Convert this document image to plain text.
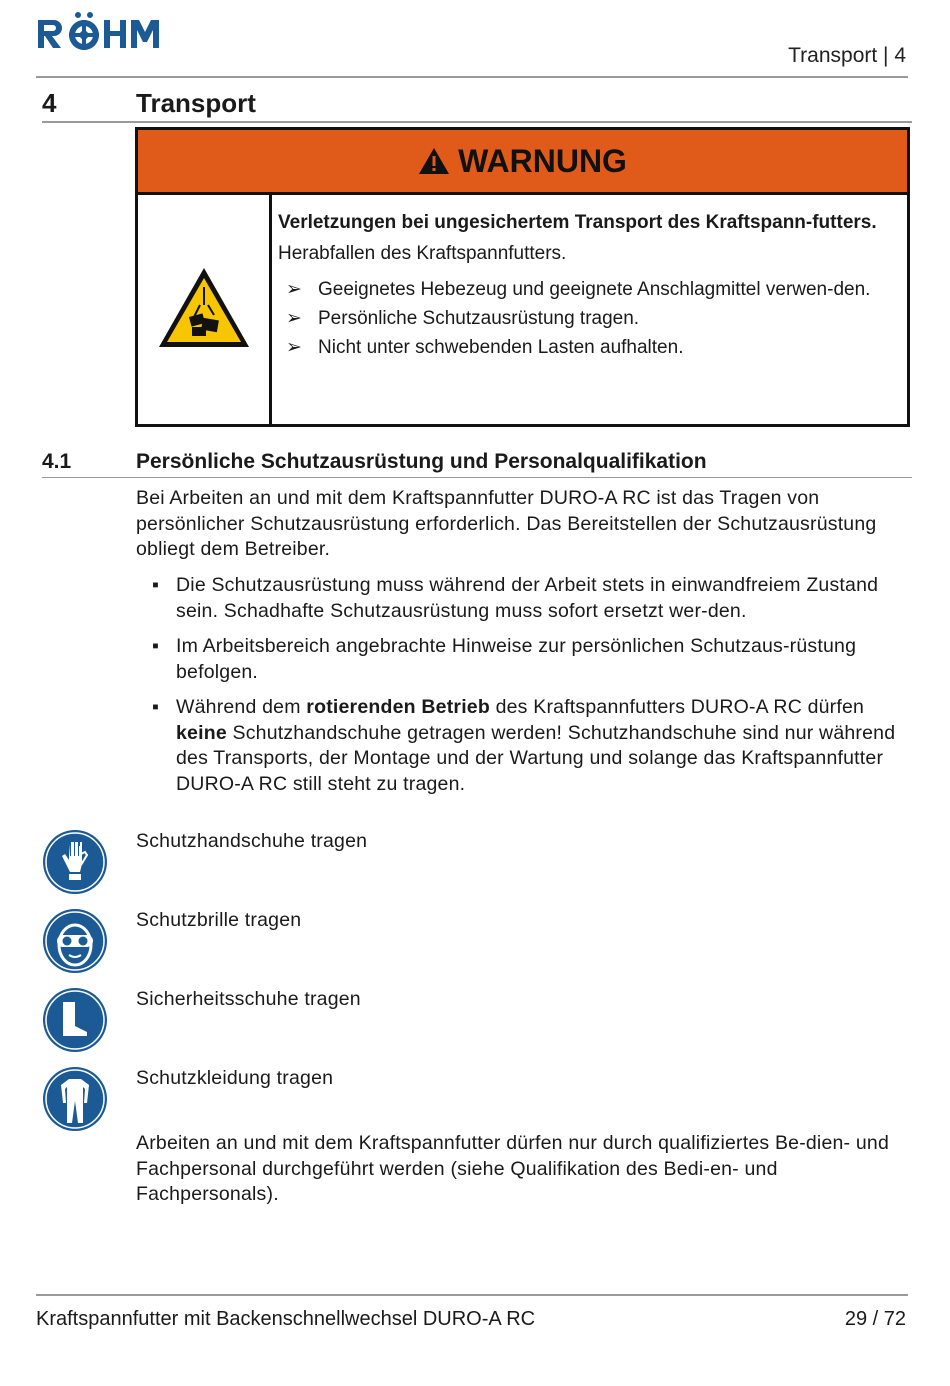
Transport | 4
4	Transport
WARNUNG
Verletzungen bei ungesichertem Transport des Kraftspann-futters.
Herabfallen des Kraftspannfutters.
➢ Geeignetes Hebezeug und geeignete Anschlagmittel verwen-den.
➢ Persönliche Schutzausrüstung tragen.
➢ Nicht unter schwebenden Lasten aufhalten.
4.1	Persönliche Schutzausrüstung und Personalqualifikation
Bei Arbeiten an und mit dem Kraftspannfutter DURO-A RC ist das Tragen von persönlicher Schutzausrüstung erforderlich. Das Bereitstellen der Schutzausrüstung obliegt dem Betreiber.
▪ Die Schutzausrüstung muss während der Arbeit stets in einwandfreiem Zustand sein. Schadhafte Schutzausrüstung muss sofort ersetzt wer-den.
▪ Im Arbeitsbereich angebrachte Hinweise zur persönlichen Schutzaus-rüstung befolgen.
▪ Während dem rotierenden Betrieb des Kraftspannfutters DURO-A RC dürfen keine Schutzhandschuhe getragen werden! Schutzhandschuhe sind nur während des Transports, der Montage und der Wartung und solange das Kraftspannfutter DURO-A RC still steht zu tragen.
Schutzhandschuhe tragen
Schutzbrille tragen
Sicherheitsschuhe tragen
Schutzkleidung tragen
Arbeiten an und mit dem Kraftspannfutter dürfen nur durch qualifiziertes Be-dien- und Fachpersonal durchgeführt werden (siehe Qualifikation des Bedi-en- und Fachpersonals).
Kraftspannfutter mit Backenschnellwechsel DURO-A RC	29 / 72
